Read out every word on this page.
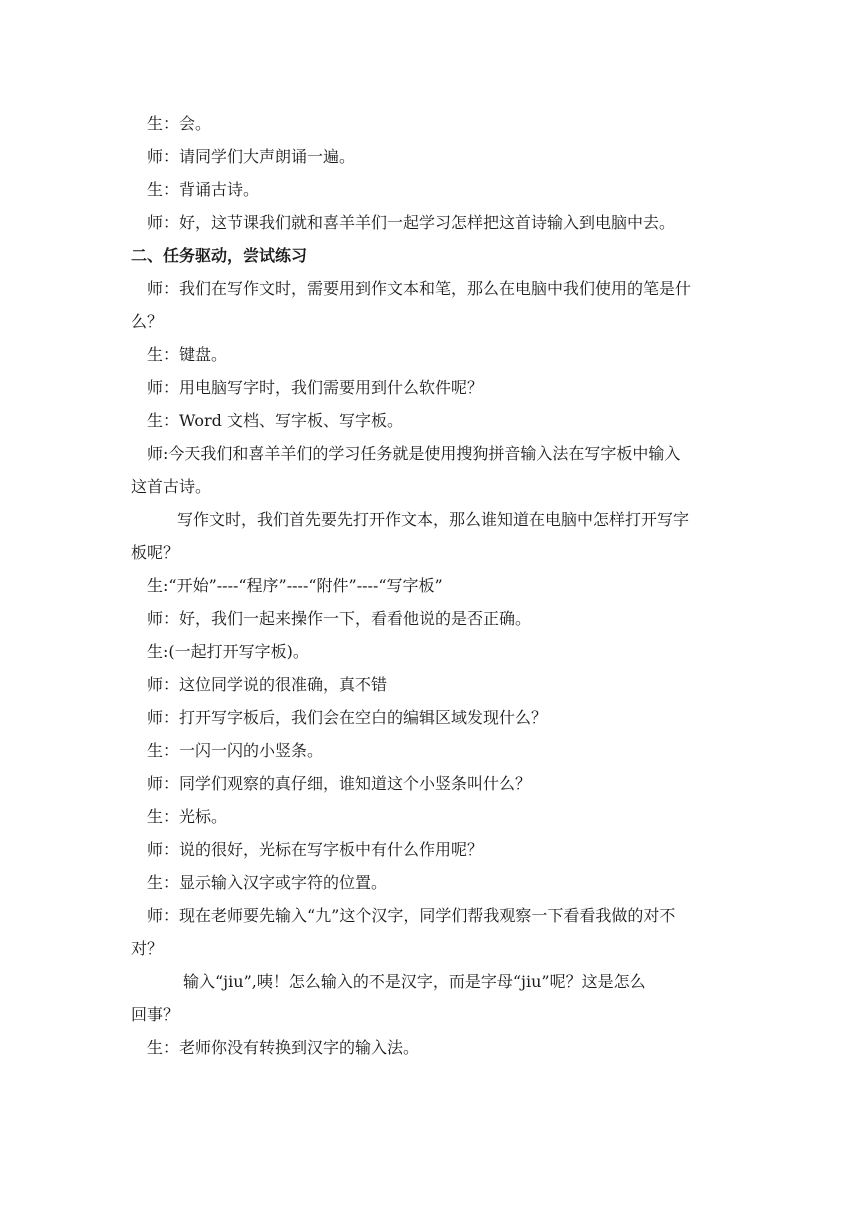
生：会。
师：请同学们大声朗诵一遍。
生：背诵古诗。
师：好，这节课我们就和喜羊羊们一起学习怎样把这首诗输入到电脑中去。
二、任务驱动，尝试练习
师：我们在写作文时，需要用到作文本和笔，那么在电脑中我们使用的笔是什
么？
生：键盘。
师：用电脑写字时，我们需要用到什么软件呢？
生：Word 文档、写字板、写字板。
师:今天我们和喜羊羊们的学习任务就是使用搜狗拼音输入法在写字板中输入
这首古诗。
写作文时，我们首先要先打开作文本，那么谁知道在电脑中怎样打开写字
板呢？
生:“开始”----“程序”----“附件”----“写字板”
师：好，我们一起来操作一下，看看他说的是否正确。
生:(一起打开写字板)。
师：这位同学说的很准确，真不错
师：打开写字板后，我们会在空白的编辑区域发现什么？
生：一闪一闪的小竖条。
师：同学们观察的真仔细，谁知道这个小竖条叫什么？
生：光标。
师：说的很好，光标在写字板中有什么作用呢？
生：显示输入汉字或字符的位置。
师：现在老师要先输入“九”这个汉字，同学们帮我观察一下看看我做的对不
对？
输入“jiu”,咦！怎么输入的不是汉字，而是字母“jiu”呢？这是怎么
回事？
生：老师你没有转换到汉字的输入法。
